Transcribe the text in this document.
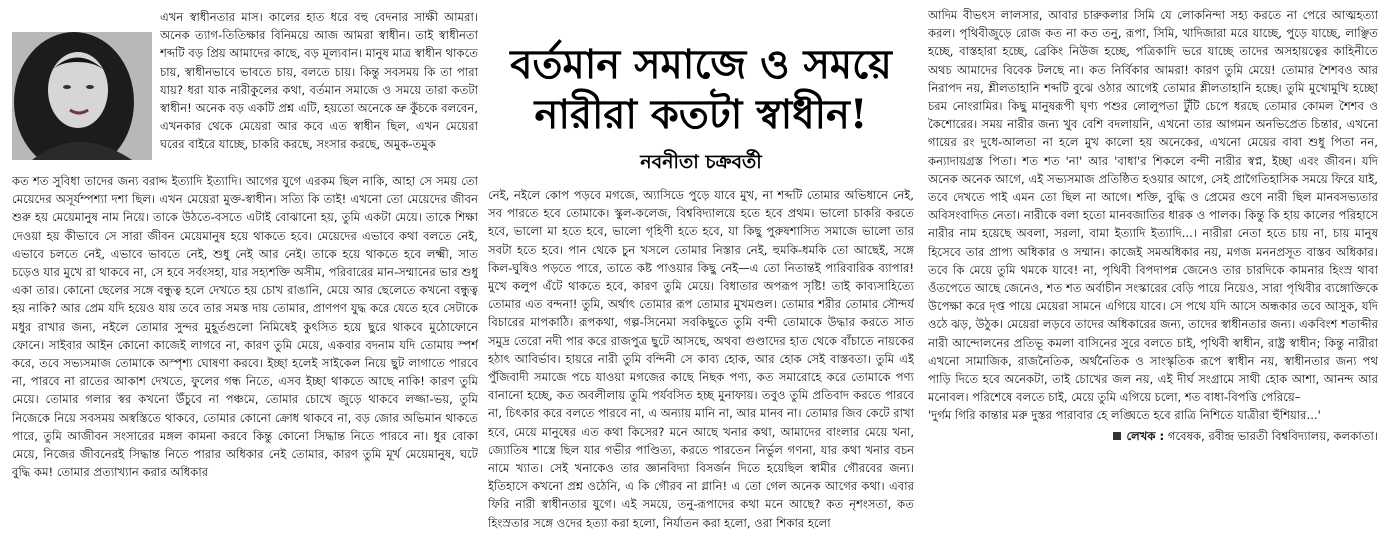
এখন স্বাধীনতার মাস। কালের হাত ধরে বহু বেদনার সাক্ষী আমরা। অনেক ত্যাগ-তিতিক্ষার বিনিময়ে আজ আমরা স্বাধীন। তাই স্বাধীনতা শব্দটি বড় প্রিয় আমাদের কাছে, বড় মূল্যবান। মানুষ মাত্র স্বাধীন থাকতে চায়, স্বাধীনভাবে ভাবতে চায়, বলতে চায়। কিন্তু সবসময় কি তা পারা যায়? ধরা যাক নারীকুলের কথা, বর্তমান সমাজে ও সময়ে তারা কতটা স্বাধীন! অনেক বড় একটি প্রশ্ন এটি, হয়তো অনেকে ভ্রু কুঁচকে বলবেন, এখনকার থেকে মেয়েরা আর কবে এত স্বাধীন ছিল, এখন মেয়েরা ঘরের বাইরে যাচ্ছে, চাকরি করছে, সংসার করছে, অমুক-তমুক

কত শত সুবিধা তাদের জন্য বরাদ্দ ইত্যাদি ইত্যাদি। আগের যুগে এরকম ছিল নাকি, আহা সে সময় তো মেয়েদের অসূর্যম্পশ্যা দশা ছিল। এখন মেয়েরা মুক্ত-স্বাধীন। সত্যি কি তাই! এখনো তো মেয়েদের জীবন শুরু হয় মেয়েমানুষ নাম নিয়ে। তাকে উঠতে-বসতে এটাই বোঝানো হয়, তুমি একটা মেয়ে। তাকে শিক্ষা দেওয়া হয় কীভাবে সে সারা জীবন মেয়েমানুষ হয়ে থাকতে হবে। মেয়েদের এভাবে কথা বলতে নেই, এভাবে চলতে নেই, এভাবে ভাবতে নেই, শুধু নেই আর নেই। তাকে হয়ে থাকতে হবে লক্ষ্মী, সাত চড়েও যার মুখে রা থাকবে না, সে হবে সর্বংসহা, যার সহ্যশক্তি অসীম, পরিবারের মান-সম্মানের ভার শুধু একা তার। কোনো ছেলের সঙ্গে বন্ধুত্ব হলে দেখতে হয় চোখ রাঙানি, মেয়ে আর ছেলেতে কখনো বন্ধুত্ব হয় নাকি? আর প্রেম যদি হয়েও যায় তবে তার সমস্ত দায় তোমার, প্রাণপণ যুদ্ধ করে যেতে হবে সেটাকে মধুর রাখার জন্য, নইলে তোমার সুন্দর মুহূর্তগুলো নিমিষেই কুৎসিত হয়ে ছুরে থাকবে মুঠোফোনে ফোনে। সাইবার আইন কোনো কাজেই লাগবে না, কারণ তুমি মেয়ে, একবার বদনাম যদি তোমায় স্পর্শ করে, তবে সভ্যসমাজ তোমাকে অস্পৃশ্য ঘোষণা করবে। ইচ্ছা হলেই সাইকেল নিয়ে ছুট লাগাতে পারবে না, পারবে না রাতের আকাশ দেখতে, ফুলের গন্ধ নিতে, এসব ইচ্ছা থাকতে আছে নাকি! কারণ তুমি মেয়ে। তোমার গলার স্বর কখনো উঁচুবে না পঞ্চমে, তোমার চোখে জুড়ে থাকবে লজ্জা-ভয়, তুমি নিজেকে নিয়ে সবসময় অস্বস্তিতে থাকবে, তোমার কোনো ক্রোধ থাকবে না, বড় জোর অভিমান থাকতে পারে, তুমি আজীবন সংসারের মঙ্গল কামনা করবে কিন্তু কোনো সিদ্ধান্ত নিতে পারবে না। ধুর বোকা মেয়ে, নিজের জীবনেরই সিদ্ধান্ত নিতে পারার অধিকার নেই তোমার, কারণ তুমি মূর্খ মেয়েমানুষ, ঘটে বুদ্ধি কম! তোমার প্রত্যাখ্যান করার অধিকার

বর্তমান সমাজে ও সময়ে নারীরা কতটা স্বাধীন!
নবনীতা চক্রবর্তী

নেই, নইলে কোপ পড়বে মগজে, অ্যাসিডে পুড়ে যাবে মুখ, না শব্দটি তোমার অভিধানে নেই, সব পারতে হবে তোমাকে। স্কুল-কলেজ, বিশ্ববিদ্যালয়ে হতে হবে প্রথম। ভালো চাকরি করতে হবে, ভালো মা হতে হবে, ভালো গৃহিণী হতে হবে, যা কিছু পুরুষশাসিত সমাজে ভালো তার সবটা হতে হবে। পান থেকে চুন খসলে তোমার নিস্তার নেই, হুমকি-ধমকি তো আছেই, সঙ্গে কিল-ঘুষিও পড়তে পারে, তাতে কষ্ট পাওয়ার কিছু নেই—এ তো নিতান্তই পারিবারিক ব্যাপার! মুখে কলুপ এঁটে থাকতে হবে, কারণ তুমি মেয়ে। বিধাতার অপরূপ সৃষ্টি! তাই কাব্যসাহিত্যে তোমার এত বন্দনা! তুমি, অর্থাৎ তোমার রূপ তোমার মুখমণ্ডল। তোমার শরীর তোমার সৌন্দর্য বিচারের মাপকাঠি। রূপকথা, গল্প-সিনেমা সবকিছুতে তুমি বন্দী তোমাকে উদ্ধার করতে সাত সমুদ্র তেরো নদী পার করে রাজপুত্র ছুটে আসছে, অথবা গুণ্ডাদের হাত থেকে বাঁচাতে নায়কের হঠাৎ আবির্ভাব। হায়রে নারী তুমি বন্দিনী সে কাব্য হোক, আর হোক সেই বাস্তবতা। তুমি এই পুঁজিবাদী সমাজে পচে যাওয়া মগজের কাছে নিছক পণ্য, কত সমারোহে করে তোমাকে পণ্য বানানো হচ্ছে, কত অবলীলায় তুমি পর্যবসিত হচ্ছ মুনাফায়। তবুও তুমি প্রতিবাদ করতে পারবে না, চিৎকার করে বলতে পারবে না, এ অন্যায় মানি না, আর মানব না। তোমার জিব কেটে রাখা হবে, মেয়ে মানুষের এত কথা কিসের? মনে আছে খনার কথা, আমাদের বাংলার মেয়ে খনা, জ্যোতিষ শাস্ত্রে ছিল যার গভীর পাণ্ডিত্য, করতে পারতেন নির্ভুল গণনা, যার কথা খনার বচন নামে খ্যাত। সেই খনাকেও তার জ্ঞানবিদ্যা বিসর্জন দিতে হয়েছিল স্বামীর গৌরবের জন্য। ইতিহাসে কখনো প্রশ্ন ওঠেনি, এ কি গৌরব না গ্লানি! এ তো গেল অনেক আগের কথা। এবার ফিরি নারী স্বাধীনতার যুগে। এই সময়ে, তনু-রূপাদের কথা মনে আছে? কত নৃশংসতা, কত হিংস্রতার সঙ্গে ওদের হত্যা করা হলো, নির্যাতন করা হলো, ওরা শিকার হলো

আদিম বীভৎস লালসার, আবার চারুকলার সিমি যে লোকনিন্দা সহ্য করতে না পেরে আত্মহত্যা করল। পৃথিবীজুড়ে রোজ কত না কত তনু, রূপা, সিমি, খাদিজারা মরে যাচ্ছে, পুড়ে যাচ্ছে, লাঞ্ছিত হচ্ছে, বাস্তহারা হচ্ছে, ব্রেকিং নিউজ হচ্ছে, পত্রিকাদি ভরে যাচ্ছে তাদের অসহায়ত্বের কাহিনীতে অথচ আমাদের বিবেক টলছে না। কত নির্বিকার আমরা! কারণ তুমি মেয়ে! তোমার শৈশবও আর নিরাপদ নয়, শ্লীলতাহানি শব্দটি বুঝে ওঠার আগেই তোমার শ্লীলতাহানি হচ্ছে। তুমি মুখোমুখি হচ্ছো চরম নোংরামির। কিছু মানুষরূপী ঘৃণ্য পশুর লোলুপতা টুঁটি চেপে ধরছে তোমার কোমল শৈশব ও কৈশোরের। সময় নারীর জন্য খুব বেশি বদলায়নি, এখনো তার আগমন অনভিপ্রেত চিন্তার, এখনো গায়ের রং দুধে-আলতা না হলে মুখ কালো হয় অনেকের, এখনো মেয়ের বাবা শুধু পিতা নন, কন্যাদায়গ্রস্ত পিতা। শত শত 'না' আর 'বাধা'র শিকলে বন্দী নারীর স্বপ্ন, ইচ্ছা এবং জীবন। যদি অনেক অনেক আগে, এই সভ্যসমাজ প্রতিষ্ঠিত হওয়ার আগে, সেই প্রাগৈতিহাসিক সময়ে ফিরে যাই, তবে দেখতে পাই এমন তো ছিল না আগে। শক্তি, বুদ্ধি ও প্রেমের গুণে নারী ছিল মানবসভ্যতার অবিসংবাদিত নেতা। নারীকে বলা হতো মানবজাতির ধারক ও পালক। কিন্তু কি হায় কালের পরিহাসে নারীর নাম হয়েছে অবলা, সরলা, বামা ইত্যাদি ইত্যাদি...। নারীরা নেতা হতে চায় না, চায় মানুষ হিসেবে তার প্রাপ্য অধিকার ও সম্মান। কাজেই সমঅধিকার নয়, মগজ মননপ্রসূত বাস্তব অধিকার। তবে কি মেয়ে তুমি থমকে যাবে! না, পৃথিবী বিপদাপন্ন জেনেও তার চারদিকে কামনার হিংস্র থাবা ওঁতপেতে আছে জেনেও, শত শত অর্বাচীন সংস্কারের বেড়ি পায়ে নিয়েও, সারা পৃথিবীর ব্যঙ্গোক্তিকে উপেক্ষা করে দৃপ্ত পায়ে মেয়েরা সামনে এগিয়ে যাবে। সে পথে যদি আসে অন্ধকার তবে আসুক, যদি ওঠে ঝড়, উঠুক। মেয়েরা লড়বে তাদের অধিকারের জন্য, তাদের স্বাধীনতার জন্য। একবিংশ শতাব্দীর নারী আন্দোলনের প্রতিভূ কমলা বাসিনের সুরে বলতে চাই, পৃথিবী স্বাধীন, রাষ্ট্র স্বাধীন; কিন্তু নারীরা এখনো সামাজিক, রাজনৈতিক, অর্থনৈতিক ও সাংস্কৃতিক রূপে স্বাধীন নয়, স্বাধীনতার জন্য পথ পাড়ি দিতে হবে অনেকটা, তাই চোখের জল নয়, এই দীর্ঘ সংগ্রামে সাথী হোক আশা, আনন্দ আর মনোবল। পরিশেষে বলতে চাই, মেয়ে তুমি এগিয়ে চলো, শত বাধা-বিপত্তি পেরিয়ে–

'দুর্গম গিরি কান্তার মরু দুস্তর পারাবার হে লঙ্ঘিতে হবে রাত্রি নিশিতে যাত্রীরা হুঁশিয়ার...'

লেখক : গবেষক, রবীন্দ্র ভারতী বিশ্ববিদ্যালয়, কলকাতা।
